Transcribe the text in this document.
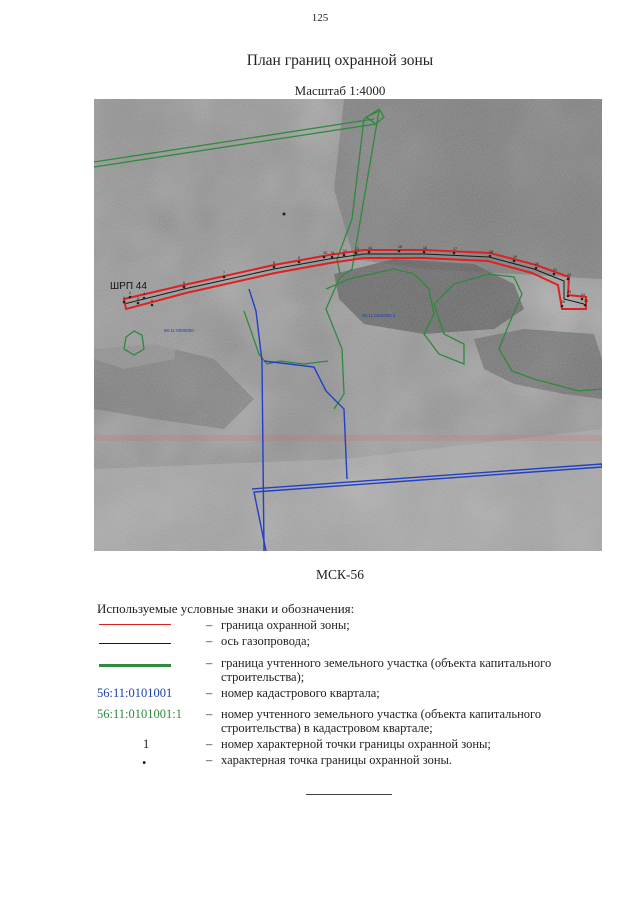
125
План границ охранной зоны
Масштаб 1:4000
1
2
3
4
5
6
7
8
9
10 11 12 13	14	15	16	17
18
19
20
21
22
23
24
25
26
ШРП 44
56:11:0000000
56:11:0101001:1
МСК-56
Используемые условные знаки и обозначения:
– граница охранной зоны;
– ось газопровода;
– граница учтенного земельного участка (объекта капитального строительства);
56:11:0101001	– номер кадастрового квартала;
56:11:0101001:1 – номер учтенного земельного участка (объекта капитального строительства) в кадастровом квартале;
1	– номер характерной точки границы охранной зоны;
•	– характерная точка границы охранной зоны.
